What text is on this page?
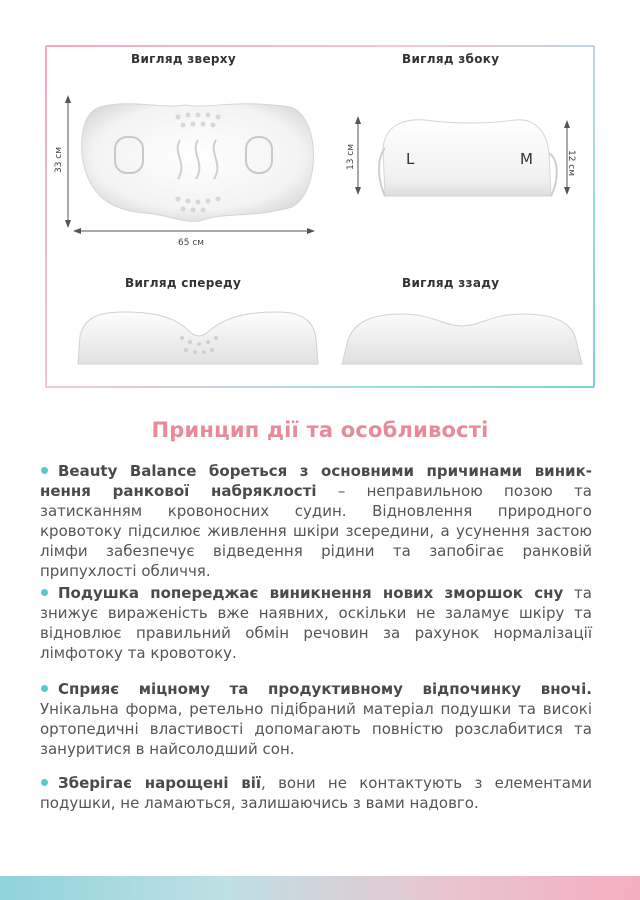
Вигляд зверху	Вигляд збоку
Вигляд спереду	Вигляд ззаду
33 см
65 см
13 см	12 см
L	M
Принцип дії та особливості
Beauty Balance бореться з основними причинами виникнення ранкової набряклості – неправильною позою та затисканням кровоносних судин. Відновлення природного кровотоку підсилює живлення шкіри зсередини, а усунення застою лімфи забезпечує відведення рідини та запобігає ранковій припухлості обличчя.
Подушка попереджає виникнення нових зморшок сну та знижує вираженість вже наявних, оскільки не заламує шкіру та відновлює правильний обмін речовин за рахунок нормалізації лімфотоку та кровотоку.
Сприяє міцному та продуктивному відпочинку вночі. Унікальна форма, ретельно підібраний матеріал подушки та високі ортопедичні властивості допомагають повністю розслабитися та зануритися в найсолодший сон.
Зберігає нарощені вії, вони не контактують з елементами подушки, не ламаються, залишаючись з вами надовго.
